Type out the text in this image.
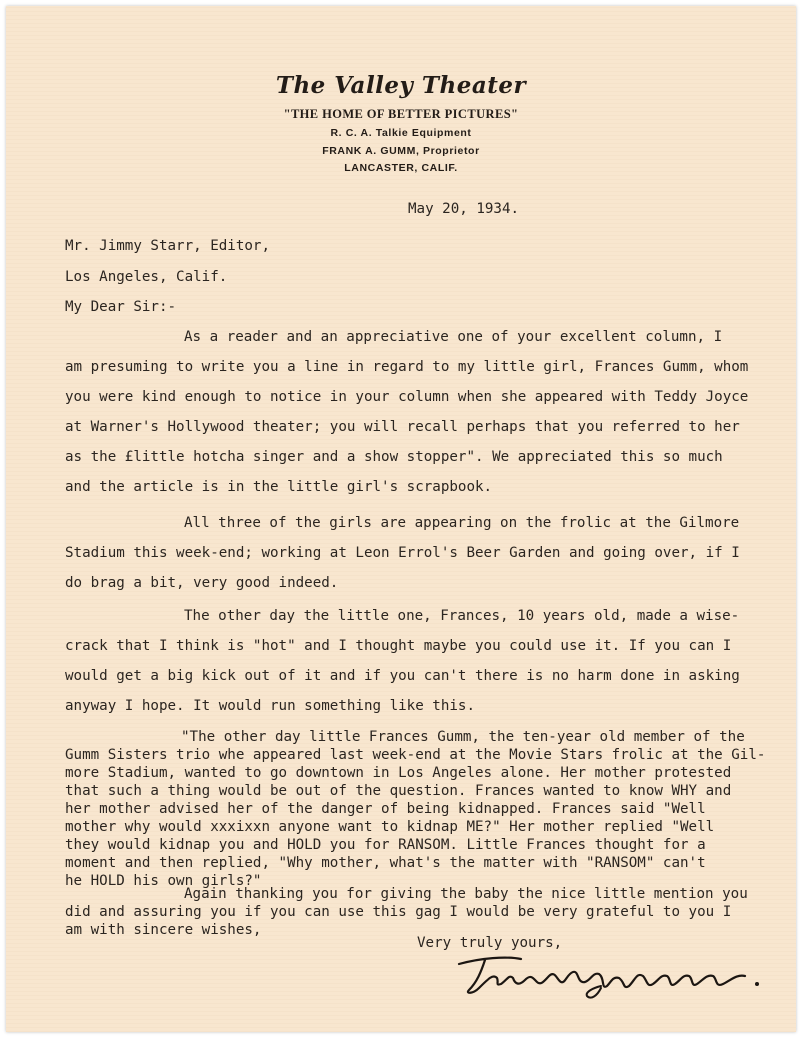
The Valley Theater
"THE HOME OF BETTER PICTURES"
R. C. A. Talkie Equipment
FRANK A. GUMM, Proprietor
LANCASTER, CALIF.
May 20, 1934.
Mr. Jimmy Starr, Editor,
Los Angeles, Calif.
My Dear Sir:-
As a reader and an appreciative one of your excellent column, I
am presuming to write you a line in regard to my little girl, Frances Gumm, whom
you were kind enough to notice in your column when she appeared with Teddy Joyce
at Warner's Hollywood theater; you will recall perhaps that you referred to her
as the £little hotcha singer and a show stopper". We appreciated this so much
and the article is in the little girl's scrapbook.
All three of the girls are appearing on the frolic at the Gilmore
Stadium this week-end; working at Leon Errol's Beer Garden and going over, if I
do brag a bit, very good indeed.
The other day the little one, Frances, 10 years old, made a wise-
crack that I think is "hot" and I thought maybe you could use it. If you can I
would get a big kick out of it and if you can't there is no harm done in asking
anyway I hope. It would run something like this.
"The other day little Frances Gumm, the ten-year old member of the
Gumm Sisters trio whe appeared last week-end at the Movie Stars frolic at the Gil-
more Stadium, wanted to go downtown in Los Angeles alone. Her mother protested
that such a thing would be out of the question. Frances wanted to know WHY and
her mother advised her of the danger of being kidnapped. Frances said "Well
mother why would xxxixxn anyone want to kidnap ME?" Her mother replied "Well
they would kidnap you and HOLD you for RANSOM. Little Frances thought for a
moment and then replied, "Why mother, what's the matter with "RANSOM" can't
he HOLD his own girls?"
Again thanking you for giving the baby the nice little mention you
did and assuring you if you can use this gag I would be very grateful to you I
am with sincere wishes,
Very truly yours,
